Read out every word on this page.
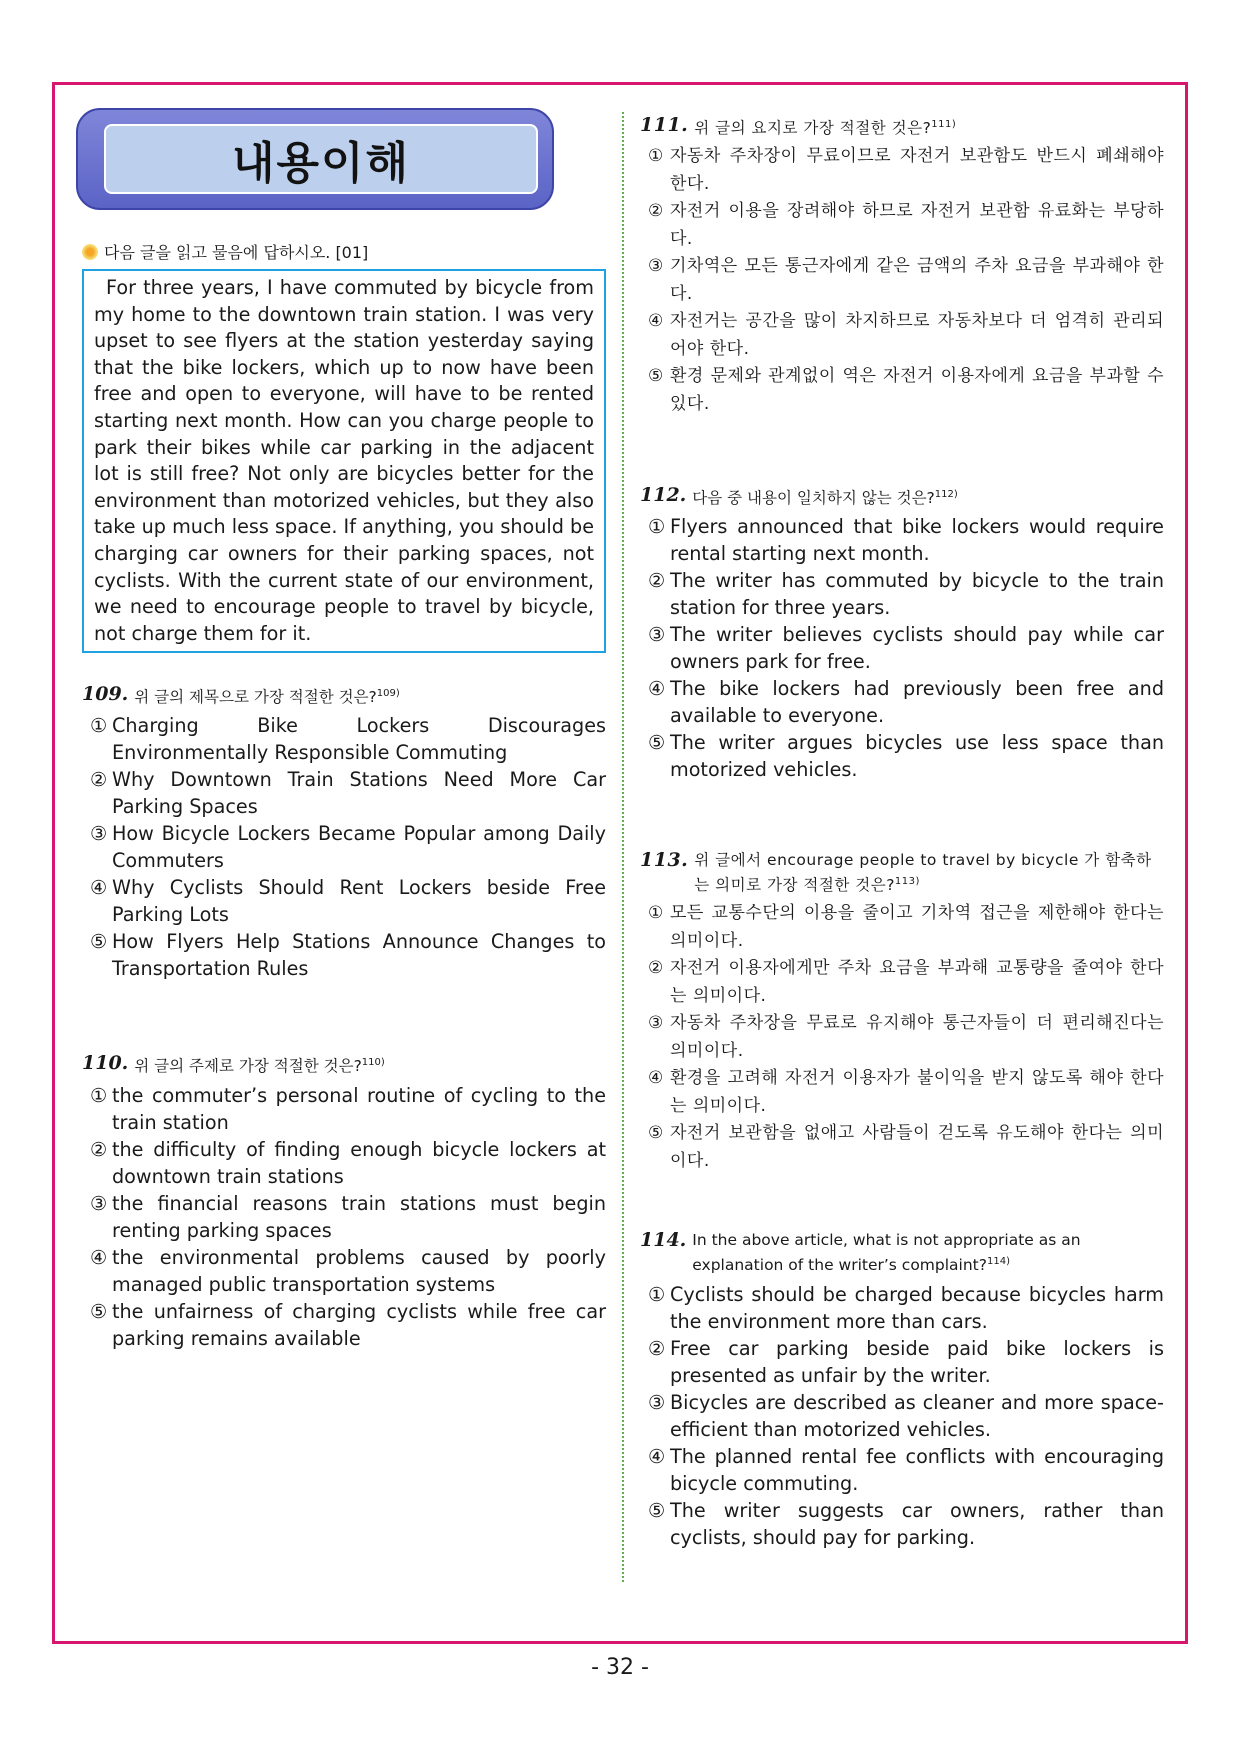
내용이해
다음 글을 읽고 물음에 답하시오. [01]
For three years, I have commuted by bicycle from my home to the downtown train station. I was very upset to see flyers at the station yesterday saying that the bike lockers, which up to now have been free and open to everyone, will have to be rented starting next month. How can you charge people to park their bikes while car parking in the adjacent lot is still free? Not only are bicycles better for the environment than motorized vehicles, but they also take up much less space. If anything, you should be charging car owners for their parking spaces, not cyclists. With the current state of our environment, we need to encourage people to travel by bicycle, not charge them for it.
109. 위 글의 제목으로 가장 적절한 것은?$^{109)}$
① Charging Bike Lockers Discourages Environmentally Responsible Commuting
② Why Downtown Train Stations Need More Car Parking Spaces
③ How Bicycle Lockers Became Popular among Daily Commuters
④ Why Cyclists Should Rent Lockers beside Free Parking Lots
⑤ How Flyers Help Stations Announce Changes to Transportation Rules
110. 위 글의 주제로 가장 적절한 것은?$^{110)}$
① the commuter’s personal routine of cycling to the train station
② the difficulty of finding enough bicycle lockers at downtown train stations
③ the financial reasons train stations must begin renting parking spaces
④ the environmental problems caused by poorly managed public transportation systems
⑤ the unfairness of charging cyclists while free car parking remains available
111. 위 글의 요지로 가장 적절한 것은?$^{111)}$
① 자동차 주차장이 무료이므로 자전거 보관함도 반드시 폐쇄해야 한다.
② 자전거 이용을 장려해야 하므로 자전거 보관함 유료화는 부당하다.
③ 기차역은 모든 통근자에게 같은 금액의 주차 요금을 부과해야 한다.
④ 자전거는 공간을 많이 차지하므로 자동차보다 더 엄격히 관리되어야 한다.
⑤ 환경 문제와 관계없이 역은 자전거 이용자에게 요금을 부과할 수 있다.
112. 다음 중 내용이 일치하지 않는 것은?$^{112)}$
① Flyers announced that bike lockers would require rental starting next month.
② The writer has commuted by bicycle to the train station for three years.
③ The writer believes cyclists should pay while car owners park for free.
④ The bike lockers had previously been free and available to everyone.
⑤ The writer argues bicycles use less space than motorized vehicles.
113. 위 글에서 encourage people to travel by bicycle 가 함축하는 의미로 가장 적절한 것은?$^{113)}$
① 모든 교통수단의 이용을 줄이고 기차역 접근을 제한해야 한다는 의미이다.
② 자전거 이용자에게만 주차 요금을 부과해 교통량을 줄여야 한다는 의미이다.
③ 자동차 주차장을 무료로 유지해야 통근자들이 더 편리해진다는 의미이다.
④ 환경을 고려해 자전거 이용자가 불이익을 받지 않도록 해야 한다는 의미이다.
⑤ 자전거 보관함을 없애고 사람들이 걷도록 유도해야 한다는 의미이다.
114. In the above article, what is not appropriate as an explanation of the writer’s complaint?$^{114)}$
① Cyclists should be charged because bicycles harm the environment more than cars.
② Free car parking beside paid bike lockers is presented as unfair by the writer.
③ Bicycles are described as cleaner and more space-efficient than motorized vehicles.
④ The planned rental fee conflicts with encouraging bicycle commuting.
⑤ The writer suggests car owners, rather than cyclists, should pay for parking.
- 32 -
